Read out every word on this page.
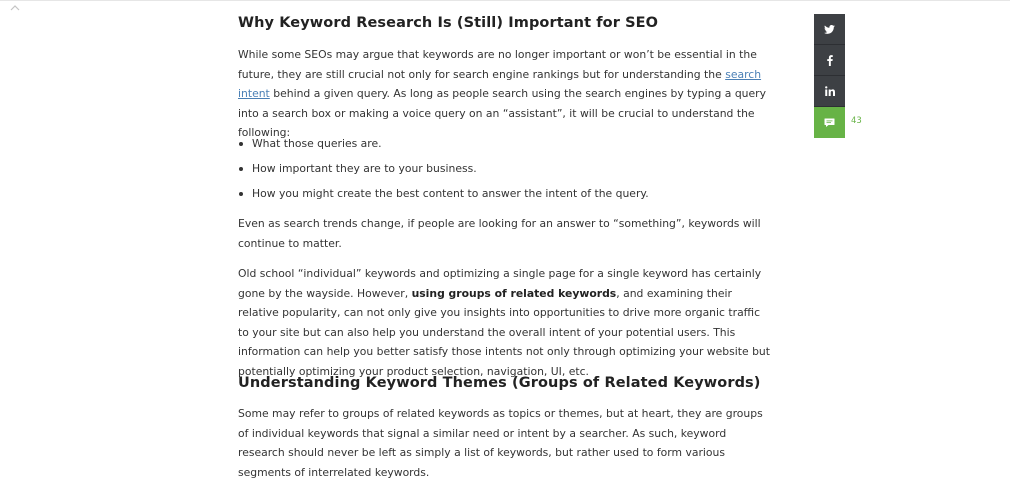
Why Keyword Research Is (Still) Important for SEO

While some SEOs may argue that keywords are no longer important or won’t be essential in the future, they are still crucial not only for search engine rankings but for understanding the search intent behind a given query. As long as people search using the search engines by typing a query into a search box or making a voice query on an “assistant”, it will be crucial to understand the following:

What those queries are.
How important they are to your business.
How you might create the best content to answer the intent of the query.

Even as search trends change, if people are looking for an answer to “something”, keywords will continue to matter.

Old school “individual” keywords and optimizing a single page for a single keyword has certainly gone by the wayside. However, using groups of related keywords, and examining their relative popularity, can not only give you insights into opportunities to drive more organic traffic to your site but can also help you understand the overall intent of your potential users. This information can help you better satisfy those intents not only through optimizing your website but potentially optimizing your product selection, navigation, UI, etc.

Understanding Keyword Themes (Groups of Related Keywords)

Some may refer to groups of related keywords as topics or themes, but at heart, they are groups of individual keywords that signal a similar need or intent by a searcher. As such, keyword research should never be left as simply a list of keywords, but rather used to form various segments of interrelated keywords.

43
